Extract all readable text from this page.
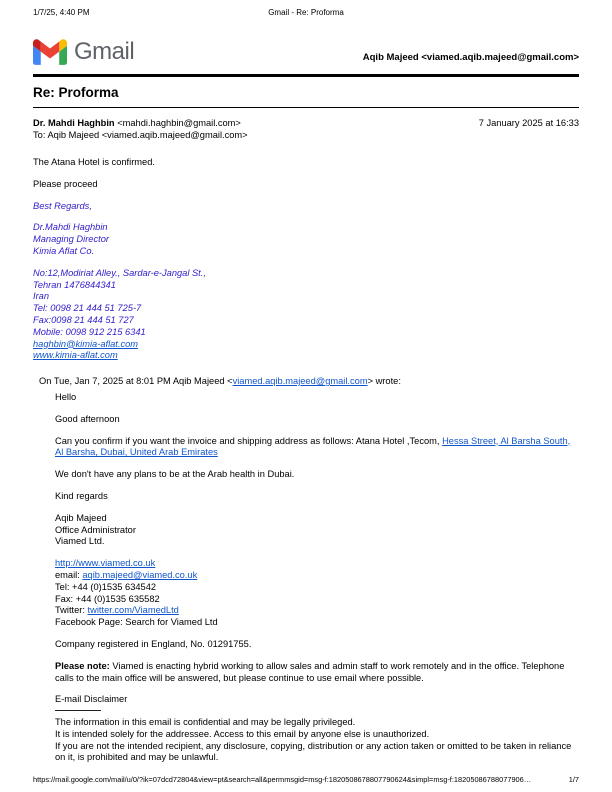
1/7/25, 4:40 PM	Gmail - Re: Proforma
Gmail	Aqib Majeed <viamed.aqib.majeed@gmail.com>
Re: Proforma
Dr. Mahdi Haghbin <mahdi.haghbin@gmail.com>	7 January 2025 at 16:33
To: Aqib Majeed <viamed.aqib.majeed@gmail.com>

The Atana Hotel is confirmed.

Please proceed

Best Regards,

Dr.Mahdi Haghbin
Managing Director
Kimia Aflat Co.
No:12,Modiriat Alley., Sardar-e-Jangal St.,
Tehran 1476844341
Iran
Tel: 0098 21 444 51 725-7
Fax:0098 21 444 51 727
Mobile: 0098 912 215 6341
haghbin@kimia-aflat.com
www.kimia-aflat.com
On Tue, Jan 7, 2025 at 8:01 PM Aqib Majeed <viamed.aqib.majeed@gmail.com> wrote:

Hello

Good afternoon

Can you confirm if you want the invoice and shipping address as follows: Atana Hotel ,Tecom, Hessa Street, Al Barsha South, Al Barsha, Dubai, United Arab Emirates

We don't have any plans to be at the Arab health in Dubai.

Kind regards

Aqib Majeed
Office Administrator
Viamed Ltd.
http://www.viamed.co.uk
email: aqib.majeed@viamed.co.uk
Tel: +44 (0)1535 634542
Fax: +44 (0)1535 635582
Twitter: twitter.com/ViamedLtd
Facebook Page: Search for Viamed Ltd

Company registered in England, No. 01291755.

Please note: Viamed is enacting hybrid working to allow sales and admin staff to work remotely and in the office. Telephone calls to the main office will be answered, but please continue to use email where possible.

E-mail Disclaimer

The information in this email is confidential and may be legally privileged.
It is intended solely for the addressee. Access to this email by anyone else is unauthorized.
If you are not the intended recipient, any disclosure, copying, distribution or any action taken or omitted to be taken in reliance on it, is prohibited and may be unlawful.
https://mail.google.com/mail/u/0/?ik=07dcd72804&view=pt&search=all&permmsgid=msg-f:1820508678807790624&simpl=msg-f:18205086788077906…	1/7
